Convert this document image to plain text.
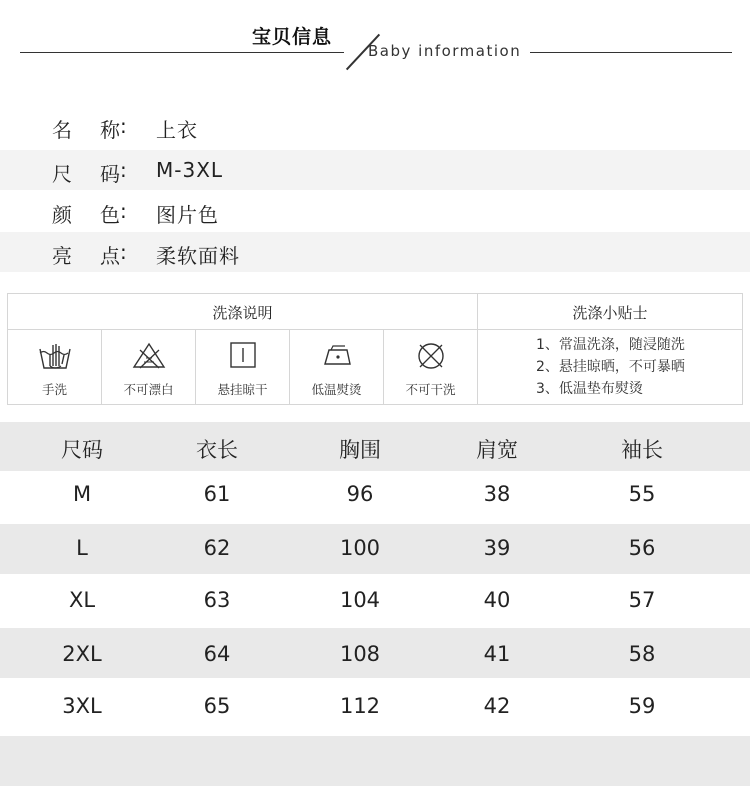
宝贝信息
Baby information
名 称 : 上衣
尺 码 : M-3XL
颜 色 : 图片色
亮 点 : 柔软面料
洗涤说明	洗涤小贴士
手洗	不可漂白	悬挂晾干	低温熨烫	不可干洗
1、常温洗涤，随浸随洗
2、悬挂晾晒，不可暴晒
3、低温垫布熨烫
尺码	衣长	胸围	肩宽	袖长
M	61	96	38	55
L	62	100	39	56
XL	63	104	40	57
2XL	64	108	41	58
3XL	65	112	42	59
